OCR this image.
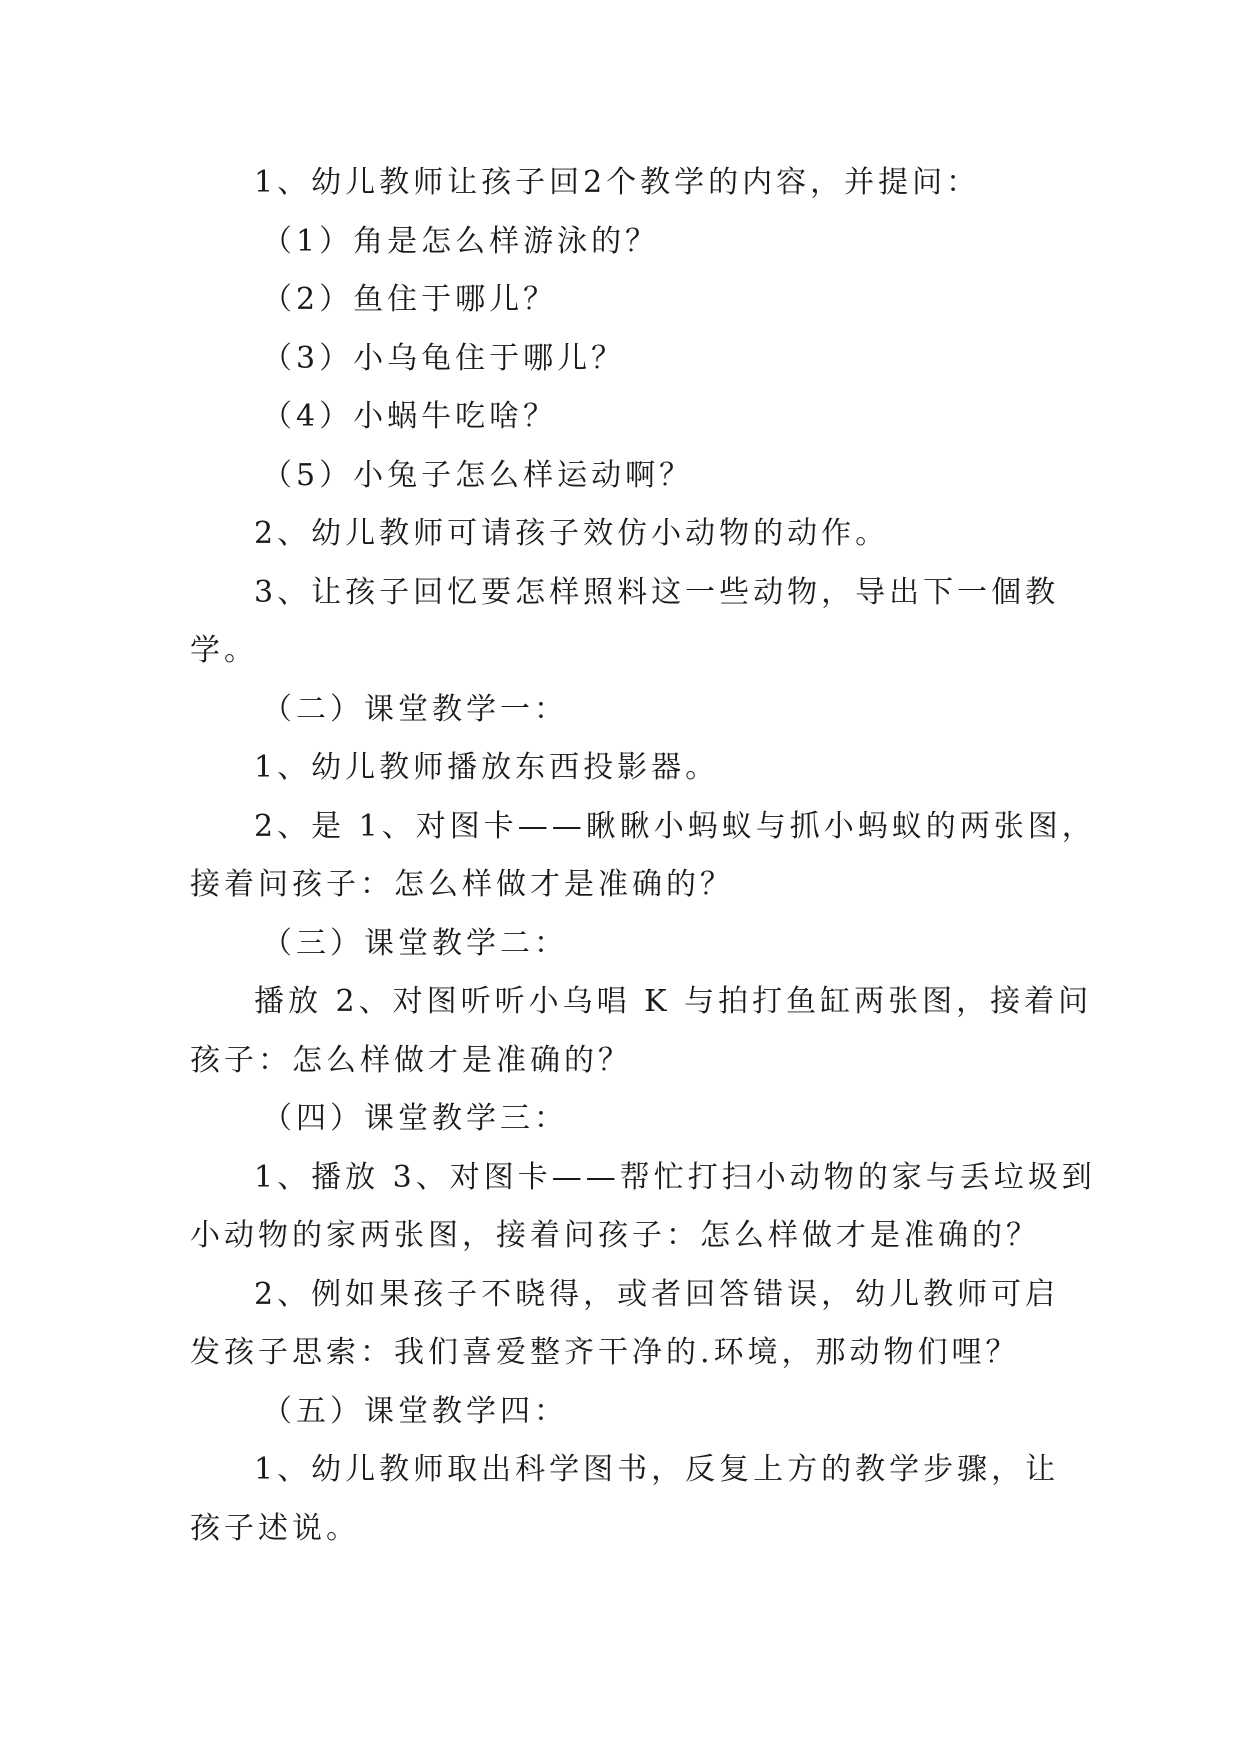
1、幼儿教师让孩子回2个教学的内容，并提问：
（1）角是怎么样游泳的？
（2）鱼住于哪儿？
（3）小乌龟住于哪儿？
（4）小蜗牛吃啥？
（5）小兔子怎么样运动啊？
2、幼儿教师可请孩子效仿小动物的动作。
3、让孩子回忆要怎样照料这一些动物，导出下一個教
学。
（二）课堂教学一：
1、幼儿教师播放东西投影器。
2、是 1、对图卡——瞅瞅小蚂蚁与抓小蚂蚁的两张图，
接着问孩子：怎么样做才是准确的？
（三）课堂教学二：
播放 2、对图听听小乌唱 K 与拍打鱼缸两张图，接着问
孩子：怎么样做才是准确的？
（四）课堂教学三：
1、播放 3、对图卡——帮忙打扫小动物的家与丢垃圾到
小动物的家两张图，接着问孩子：怎么样做才是准确的？
2、例如果孩子不晓得，或者回答错误，幼儿教师可启
发孩子思索：我们喜爱整齐干净的.环境，那动物们哩？
（五）课堂教学四：
1、幼儿教师取出科学图书，反复上方的教学步骤，让
孩子述说。
